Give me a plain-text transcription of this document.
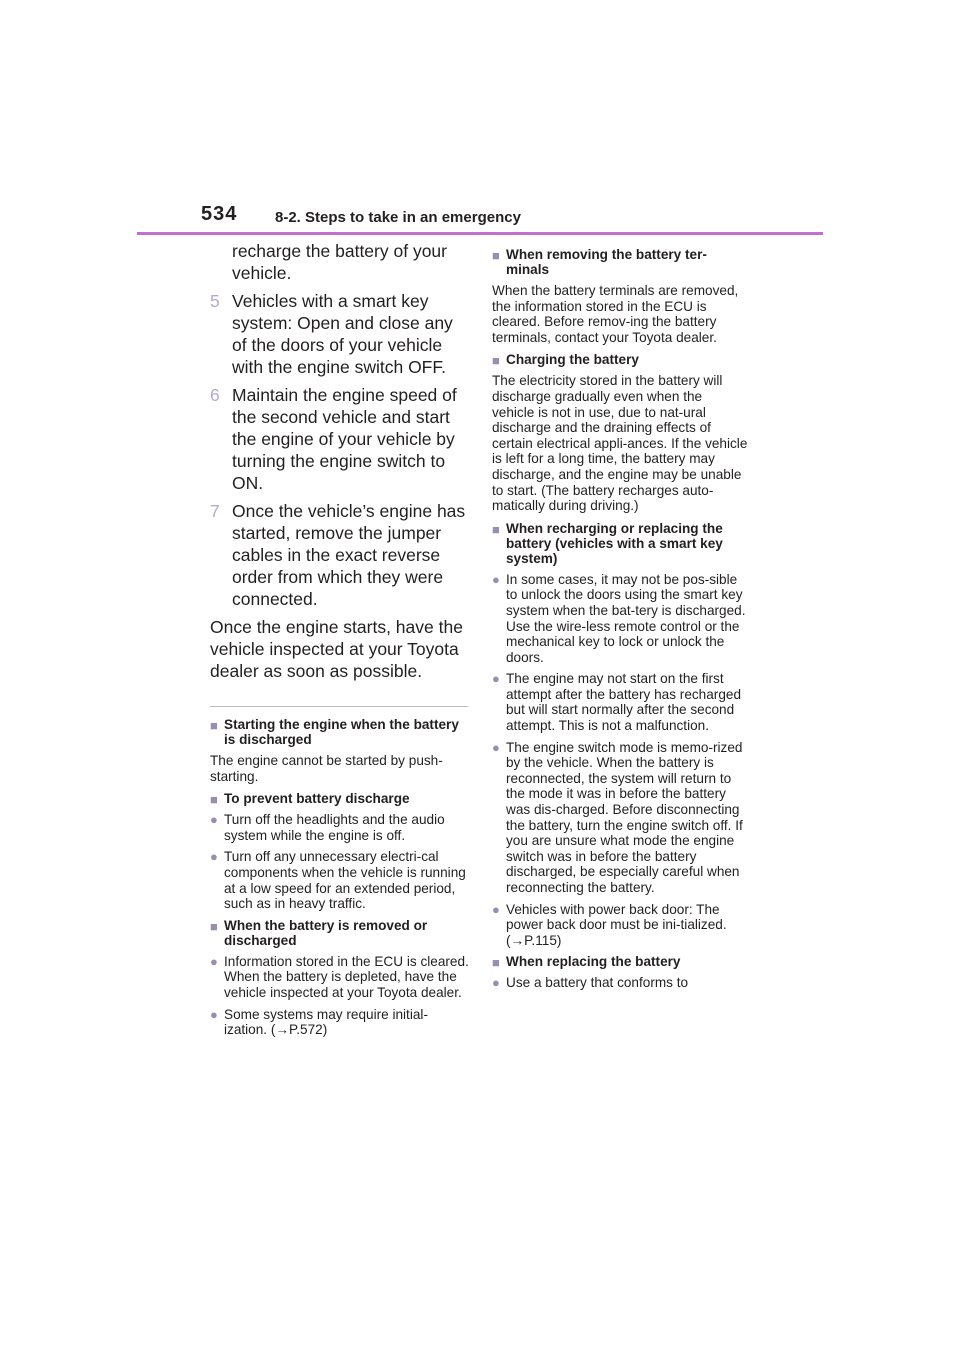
534	8-2. Steps to take in an emergency
recharge the battery of your vehicle.
5 Vehicles with a smart key system: Open and close any of the doors of your vehicle with the engine switch OFF.
6 Maintain the engine speed of the second vehicle and start the engine of your vehicle by turning the engine switch to ON.
7 Once the vehicle’s engine has started, remove the jumper cables in the exact reverse order from which they were connected.
Once the engine starts, have the vehicle inspected at your Toyota dealer as soon as possible.
■ Starting the engine when the battery is discharged
The engine cannot be started by push-starting.
■ To prevent battery discharge
● Turn off the headlights and the audio system while the engine is off.
● Turn off any unnecessary electri-cal components when the vehicle is running at a low speed for an extended period, such as in heavy traffic.
■ When the battery is removed or discharged
● Information stored in the ECU is cleared. When the battery is depleted, have the vehicle inspected at your Toyota dealer.
● Some systems may require initial-ization. (→P.572)
■ When removing the battery ter-minals
When the battery terminals are removed, the information stored in the ECU is cleared. Before remov-ing the battery terminals, contact your Toyota dealer.
■ Charging the battery
The electricity stored in the battery will discharge gradually even when the vehicle is not in use, due to nat-ural discharge and the draining effects of certain electrical appli-ances. If the vehicle is left for a long time, the battery may discharge, and the engine may be unable to start. (The battery recharges auto-matically during driving.)
■ When recharging or replacing the battery (vehicles with a smart key system)
● In some cases, it may not be pos-sible to unlock the doors using the smart key system when the bat-tery is discharged. Use the wire-less remote control or the mechanical key to lock or unlock the doors.
● The engine may not start on the first attempt after the battery has recharged but will start normally after the second attempt. This is not a malfunction.
● The engine switch mode is memo-rized by the vehicle. When the battery is reconnected, the system will return to the mode it was in before the battery was dis-charged. Before disconnecting the battery, turn the engine switch off. If you are unsure what mode the engine switch was in before the battery discharged, be especially careful when reconnecting the battery.
● Vehicles with power back door: The power back door must be ini-tialized. (→P.115)
■ When replacing the battery
● Use a battery that conforms to
